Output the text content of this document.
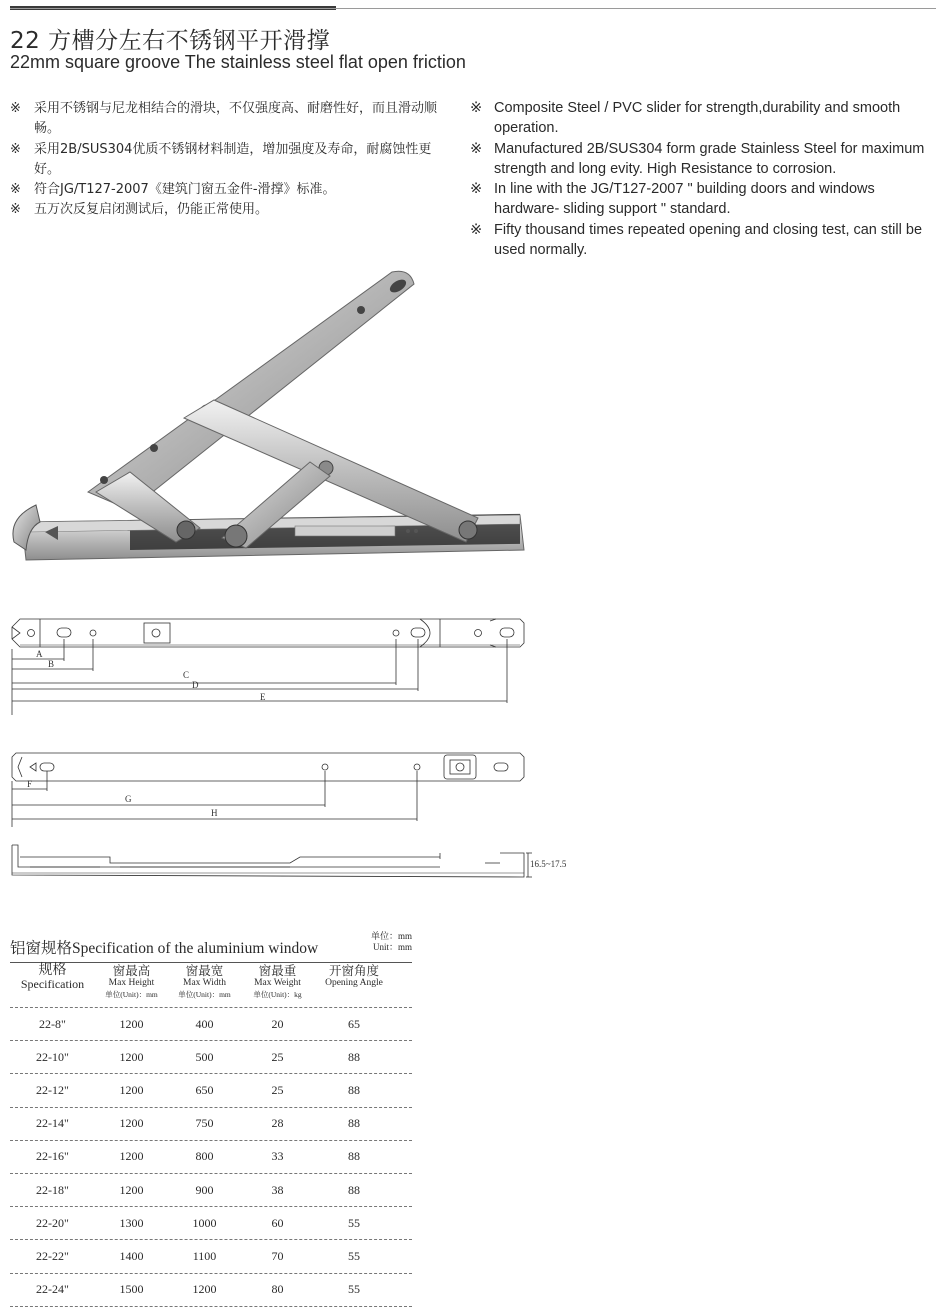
22 方槽分左右不锈钢平开滑撑
22mm square groove The stainless steel flat open friction
※ 采用不锈钢与尼龙相结合的滑块，不仅强度高、耐磨性好，而且滑动顺畅。
※ 采用2B/SUS304优质不锈钢材料制造，增加强度及寿命，耐腐蚀性更好。
※ 符合JG/T127-2007《建筑门窗五金件-滑撑》标准。
※ 五万次反复启闭测试后，仍能正常使用。
※ Composite Steel / PVC slider for strength,durability and smooth operation.
※ Manufactured 2B/SUS304 form grade Stainless Steel for maximum strength and long evity. High Resistance to corrosion.
※ In line with the JG/T127-2007 " building doors and windows hardware- sliding support " standard.
※ Fifty thousand times repeated opening and closing test, can still be used normally.
A
B
C
D
E
F
G
H
16.5~17.5
铝窗规格Specification of the aluminium window
单位：mm
Unit：mm
规格
Specification
窗最高
Max Height
单位(Unit)：mm
窗最宽
Max Width
单位(Unit)：mm
窗最重
Max Weight
单位(Unit)：kg
开窗角度
Opening Angle
22-8"	1200	400	20	65
22-10"	1200	500	25	88
22-12"	1200	650	25	88
22-14"	1200	750	28	88
22-16"	1200	800	33	88
22-18"	1200	900	38	88
22-20"	1300	1000	60	55
22-22"	1400	1100	70	55
22-24"	1500	1200	80	55
